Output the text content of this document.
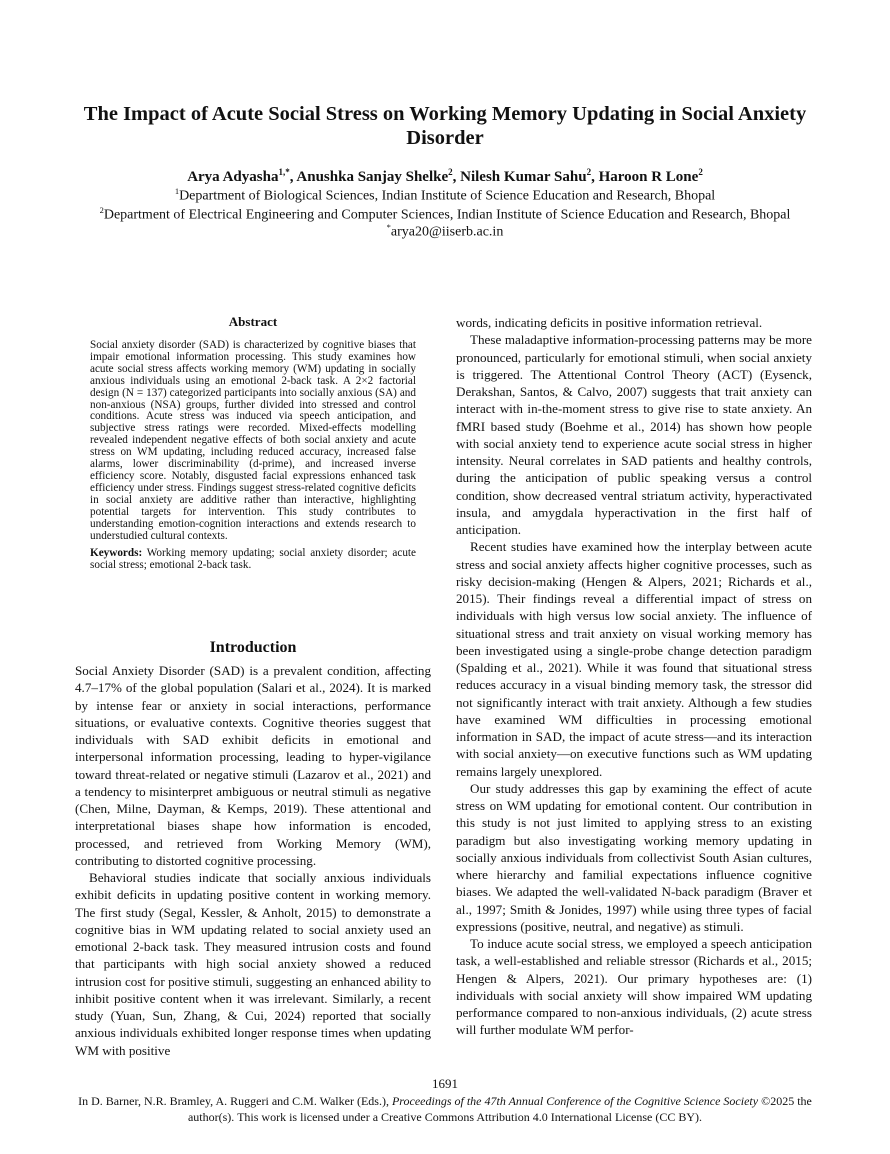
The Impact of Acute Social Stress on Working Memory Updating in Social Anxiety Disorder
Arya Adyasha$^{1,*}$, Anushka Sanjay Shelke$^2$, Nilesh Kumar Sahu$^2$, Haroon R Lone$^2$
$^1$Department of Biological Sciences, Indian Institute of Science Education and Research, Bhopal
$^2$Department of Electrical Engineering and Computer Sciences, Indian Institute of Science Education and Research, Bhopal
*arya20@iiserb.ac.in
Abstract

Social anxiety disorder (SAD) is characterized by cognitive biases that impair emotional information processing. This study examines how acute social stress affects working memory (WM) updating in socially anxious individuals using an emotional 2-back task. A 2×2 factorial design (N = 137) categorized participants into socially anxious (SA) and non-anxious (NSA) groups, further divided into stressed and control conditions. Acute stress was induced via speech anticipation, and subjective stress ratings were recorded. Mixed-effects modelling revealed independent negative effects of both social anxiety and acute stress on WM updating, including reduced accuracy, increased false alarms, lower discriminability (d-prime), and increased inverse efficiency score. Notably, disgusted facial expressions enhanced task efficiency under stress. Findings suggest stress-related cognitive deficits in social anxiety are additive rather than interactive, highlighting potential targets for intervention. This study contributes to understanding emotion-cognition interactions and extends research to understudied cultural contexts.

Keywords: Working memory updating; social anxiety disorder; acute social stress; emotional 2-back task.

Introduction

Social Anxiety Disorder (SAD) is a prevalent condition, affecting 4.7–17% of the global population (Salari et al., 2024). It is marked by intense fear or anxiety in social interactions, performance situations, or evaluative contexts. Cognitive theories suggest that individuals with SAD exhibit deficits in emotional and interpersonal information processing, leading to hyper-vigilance toward threat-related or negative stimuli (Lazarov et al., 2021) and a tendency to misinterpret ambiguous or neutral stimuli as negative (Chen, Milne, Dayman, & Kemps, 2019). These attentional and interpretational biases shape how information is encoded, processed, and retrieved from Working Memory (WM), contributing to distorted cognitive processing.

Behavioral studies indicate that socially anxious individuals exhibit deficits in updating positive content in working memory. The first study (Segal, Kessler, & Anholt, 2015) to demonstrate a cognitive bias in WM updating related to social anxiety used an emotional 2-back task. They measured intrusion costs and found that participants with high social anxiety showed a reduced intrusion cost for positive stimuli, suggesting an enhanced ability to inhibit positive content when it was irrelevant. Similarly, a recent study (Yuan, Sun, Zhang, & Cui, 2024) reported that socially anxious individuals exhibited longer response times when updating WM with positive

words, indicating deficits in positive information retrieval.

These maladaptive information-processing patterns may be more pronounced, particularly for emotional stimuli, when social anxiety is triggered. The Attentional Control Theory (ACT) (Eysenck, Derakshan, Santos, & Calvo, 2007) suggests that trait anxiety can interact with in-the-moment stress to give rise to state anxiety. An fMRI based study (Boehme et al., 2014) has shown how people with social anxiety tend to experience acute social stress in higher intensity. Neural correlates in SAD patients and healthy controls, during the anticipation of public speaking versus a control condition, show decreased ventral striatum activity, hyperactivated insula, and amygdala hyperactivation in the first half of anticipation.

Recent studies have examined how the interplay between acute stress and social anxiety affects higher cognitive processes, such as risky decision-making (Hengen & Alpers, 2021; Richards et al., 2015). Their findings reveal a differential impact of stress on individuals with high versus low social anxiety. The influence of situational stress and trait anxiety on visual working memory has been investigated using a single-probe change detection paradigm (Spalding et al., 2021). While it was found that situational stress reduces accuracy in a visual binding memory task, the stressor did not significantly interact with trait anxiety. Although a few studies have examined WM difficulties in processing emotional information in SAD, the impact of acute stress—and its interaction with social anxiety—on executive functions such as WM updating remains largely unexplored.

Our study addresses this gap by examining the effect of acute stress on WM updating for emotional content. Our contribution in this study is not just limited to applying stress to an existing paradigm but also investigating working memory updating in socially anxious individuals from collectivist South Asian cultures, where hierarchy and familial expectations influence cognitive biases. We adapted the well-validated N-back paradigm (Braver et al., 1997; Smith & Jonides, 1997) while using three types of facial expressions (positive, neutral, and negative) as stimuli.

To induce acute social stress, we employed a speech anticipation task, a well-established and reliable stressor (Richards et al., 2015; Hengen & Alpers, 2021). Our primary hypotheses are: (1) individuals with social anxiety will show impaired WM updating performance compared to non-anxious individuals, (2) acute stress will further modulate WM perfor-

1691
In D. Barner, N.R. Bramley, A. Ruggeri and C.M. Walker (Eds.), Proceedings of the 47th Annual Conference of the Cognitive Science Society ©2025 the author(s). This work is licensed under a Creative Commons Attribution 4.0 International License (CC BY).
